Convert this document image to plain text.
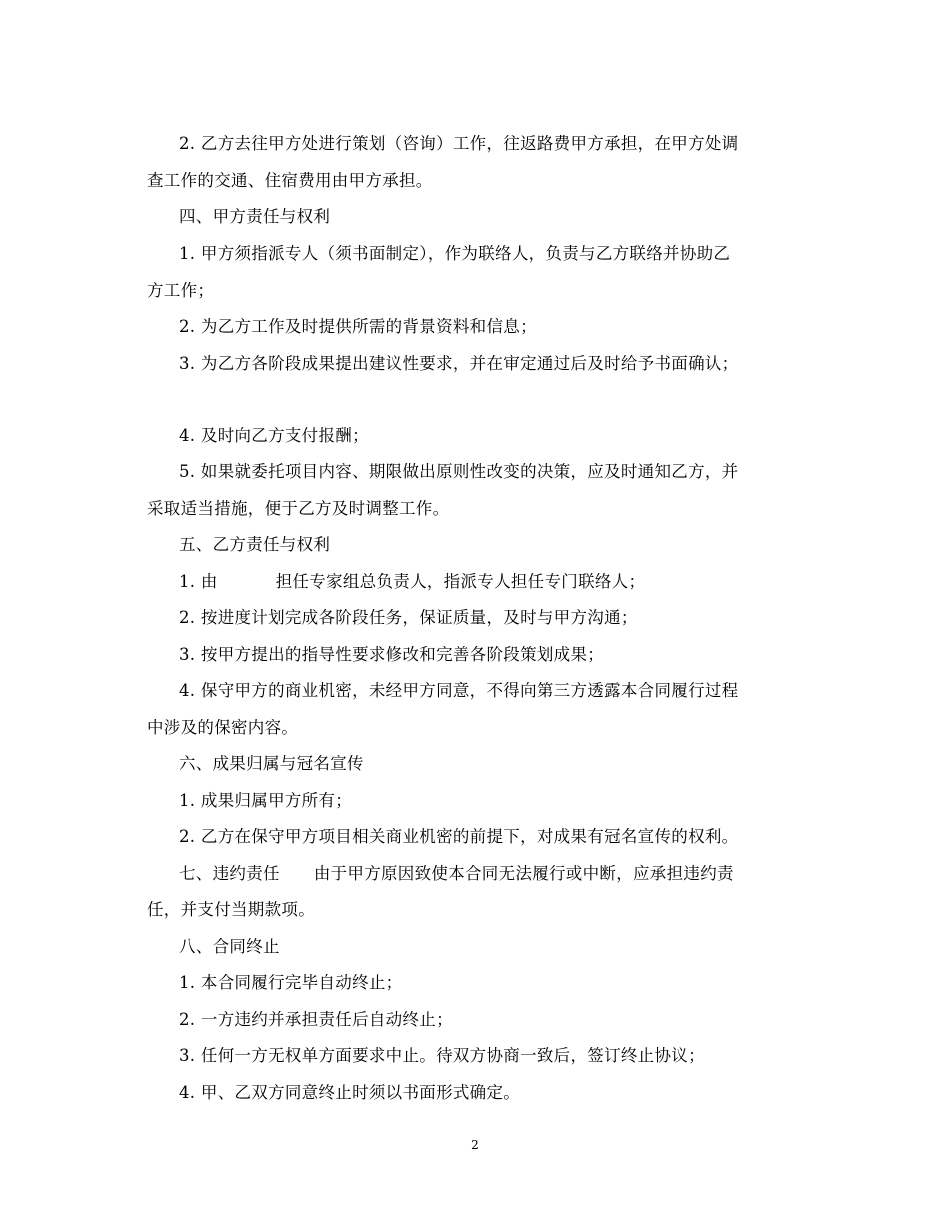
2. 乙方去往甲方处进行策划（咨询）工作，往返路费甲方承担，在甲方处调
查工作的交通、住宿费用由甲方承担。
四、甲方责任与权利
1. 甲方须指派专人（须书面制定），作为联络人，负责与乙方联络并协助乙
方工作；
2. 为乙方工作及时提供所需的背景资料和信息；
3. 为乙方各阶段成果提出建议性要求，并在审定通过后及时给予书面确认；
4. 及时向乙方支付报酬；
5. 如果就委托项目内容、期限做出原则性改变的决策，应及时通知乙方，并
采取适当措施，便于乙方及时调整工作。
五、乙方责任与权利
1. 由	担任专家组总负责人，指派专人担任专门联络人；
2. 按进度计划完成各阶段任务，保证质量，及时与甲方沟通；
3. 按甲方提出的指导性要求修改和完善各阶段策划成果；
4. 保守甲方的商业机密，未经甲方同意，不得向第三方透露本合同履行过程
中涉及的保密内容。
六、成果归属与冠名宣传
1. 成果归属甲方所有；
2. 乙方在保守甲方项目相关商业机密的前提下，对成果有冠名宣传的权利。
七、违约责任 由于甲方原因致使本合同无法履行或中断，应承担违约责
任，并支付当期款项。
八、合同终止
1. 本合同履行完毕自动终止；
2. 一方违约并承担责任后自动终止；
3. 任何一方无权单方面要求中止。待双方协商一致后，签订终止协议；
4. 甲、乙双方同意终止时须以书面形式确定。
2
